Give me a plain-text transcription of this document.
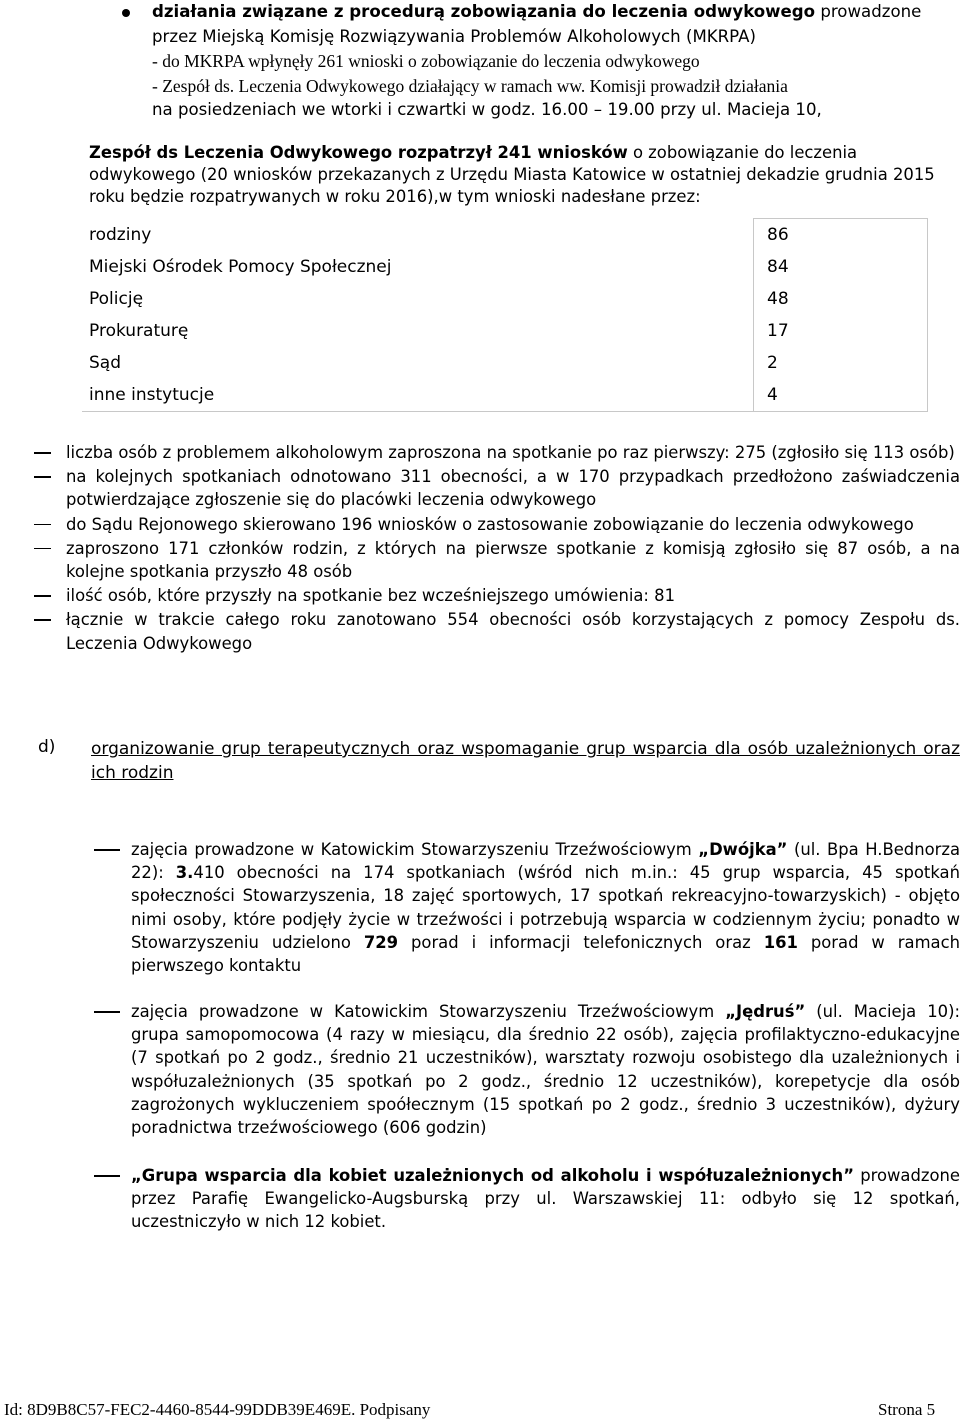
działania związane z procedurą zobowiązania do leczenia odwykowego prowadzone
przez Miejską Komisję Rozwiązywania Problemów Alkoholowych (MKRPA)
- do MKRPA wpłynęły 261 wnioski o zobowiązanie do leczenia odwykowego
- Zespół ds. Leczenia Odwykowego działający w ramach ww. Komisji prowadził działania
na posiedzeniach we wtorki i czwartki w godz. 16.00 – 19.00 przy ul. Macieja 10,
Zespół ds Leczenia Odwykowego rozpatrzył 241 wniosków o zobowiązanie do leczenia odwykowego (20 wniosków przekazanych z Urzędu Miasta Katowice w ostatniej dekadzie grudnia 2015 roku będzie rozpatrywanych w roku 2016),w tym wnioski nadesłane przez:
rodziny	86
Miejski Ośrodek Pomocy Społecznej	84
Policję	48
Prokuraturę	17
Sąd	2
inne instytucje	4
liczba osób z problemem alkoholowym zaproszona na spotkanie po raz pierwszy: 275 (zgłosiło się 113 osób)
na kolejnych spotkaniach odnotowano 311 obecności, a w 170 przypadkach przedłożono zaświadczenia potwierdzające zgłoszenie się do placówki leczenia odwykowego
do Sądu Rejonowego skierowano 196 wniosków o zastosowanie zobowiązanie do leczenia odwykowego
zaproszono 171 członków rodzin, z których na pierwsze spotkanie z komisją zgłosiło się 87 osób, a na kolejne spotkania przyszło 48 osób
ilość osób, które przyszły na spotkanie bez wcześniejszego umówienia: 81
łącznie w trakcie całego roku zanotowano 554 obecności osób korzystających z pomocy Zespołu ds. Leczenia Odwykowego
d) organizowanie grup terapeutycznych oraz wspomaganie grup wsparcia dla osób uzależnionych oraz ich rodzin
zajęcia prowadzone w Katowickim Stowarzyszeniu Trzeźwościowym „Dwójka” (ul. Bpa H.Bednorza 22): 3.410 obecności na 174 spotkaniach (wśród nich m.in.: 45 grup wsparcia, 45 spotkań społeczności Stowarzyszenia, 18 zajęć sportowych, 17 spotkań rekreacyjno-towarzyskich) - objęto nimi osoby, które podjęły życie w trzeźwości i potrzebują wsparcia w codziennym życiu; ponadto w Stowarzyszeniu udzielono 729 porad i informacji telefonicznych oraz 161 porad w ramach pierwszego kontaktu
zajęcia prowadzone w Katowickim Stowarzyszeniu Trzeźwościowym „Jędruś” (ul. Macieja 10): grupa samopomocowa (4 razy w miesiącu, dla średnio 22 osób), zajęcia profilaktyczno-edukacyjne (7 spotkań po 2 godz., średnio 21 uczestników), warsztaty rozwoju osobistego dla uzależnionych i współuzależnionych (35 spotkań po 2 godz., średnio 12 uczestników), korepetycje dla osób zagrożonych wykluczeniem spoółecznym (15 spotkań po 2 godz., średnio 3 uczestników), dyżury poradnictwa trzeźwościowego (606 godzin)
„Grupa wsparcia dla kobiet uzależnionych od alkoholu i współuzależnionych” prowadzone przez Parafię Ewangelicko-Augsburską przy ul. Warszawskiej 11: odbyło się 12 spotkań, uczestniczyło w nich 12 kobiet.
Id: 8D9B8C57-FEC2-4460-8544-99DDB39E469E. Podpisany	Strona 5
